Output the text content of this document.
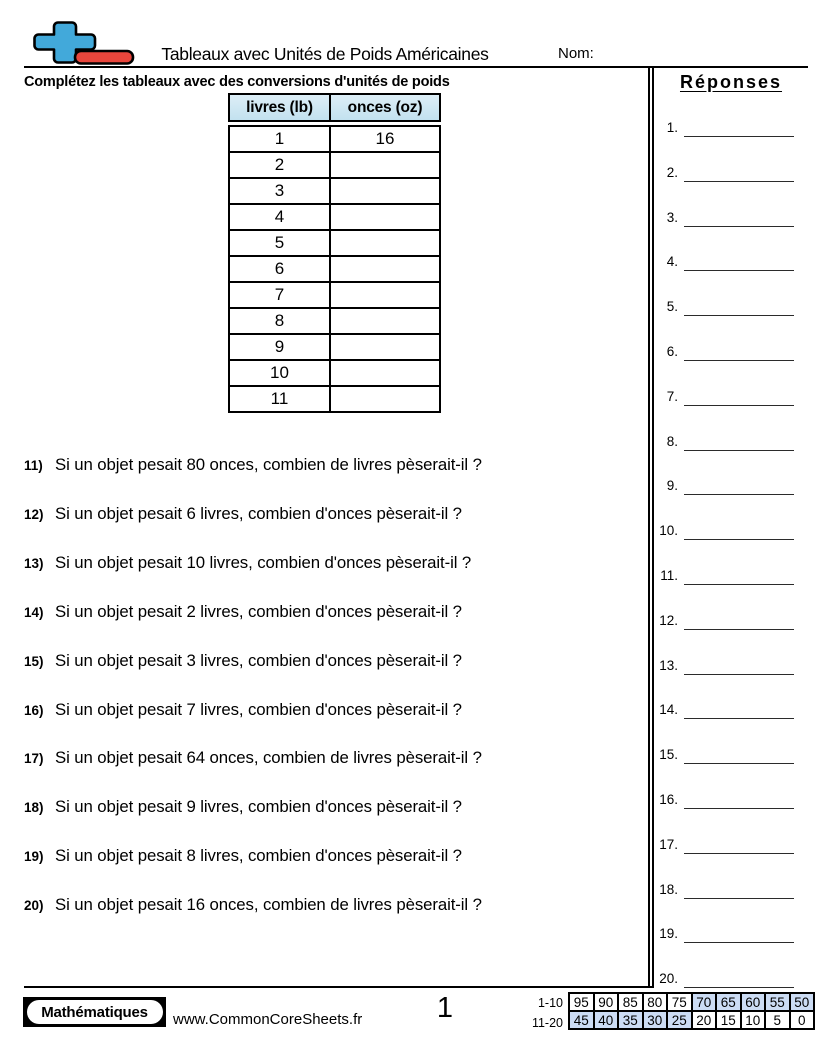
Tableaux avec Unités de Poids Américaines	Nom:
Complétez les tableaux avec des conversions d'unités de poids
livres (lb)	onces (oz)
1	16
2	
3	
4	
5	
6	
7	
8	
9	
10	
11	
11) Si un objet pesait 80 onces, combien de livres pèserait-il ?
12) Si un objet pesait 6 livres, combien d'onces pèserait-il ?
13) Si un objet pesait 10 livres, combien d'onces pèserait-il ?
14) Si un objet pesait 2 livres, combien d'onces pèserait-il ?
15) Si un objet pesait 3 livres, combien d'onces pèserait-il ?
16) Si un objet pesait 7 livres, combien d'onces pèserait-il ?
17) Si un objet pesait 64 onces, combien de livres pèserait-il ?
18) Si un objet pesait 9 livres, combien d'onces pèserait-il ?
19) Si un objet pesait 8 livres, combien d'onces pèserait-il ?
20) Si un objet pesait 16 onces, combien de livres pèserait-il ?
Réponses
1.
2.
3.
4.
5.
6.
7.
8.
9.
10.
11.
12.
13.
14.
15.
16.
17.
18.
19.
20.
Mathématiques	www.CommonCoreSheets.fr	1	1-10
11-20
95	90	85	80	75	70	65	60	55	50
45	40	35	30	25	20	15	10	5	0
